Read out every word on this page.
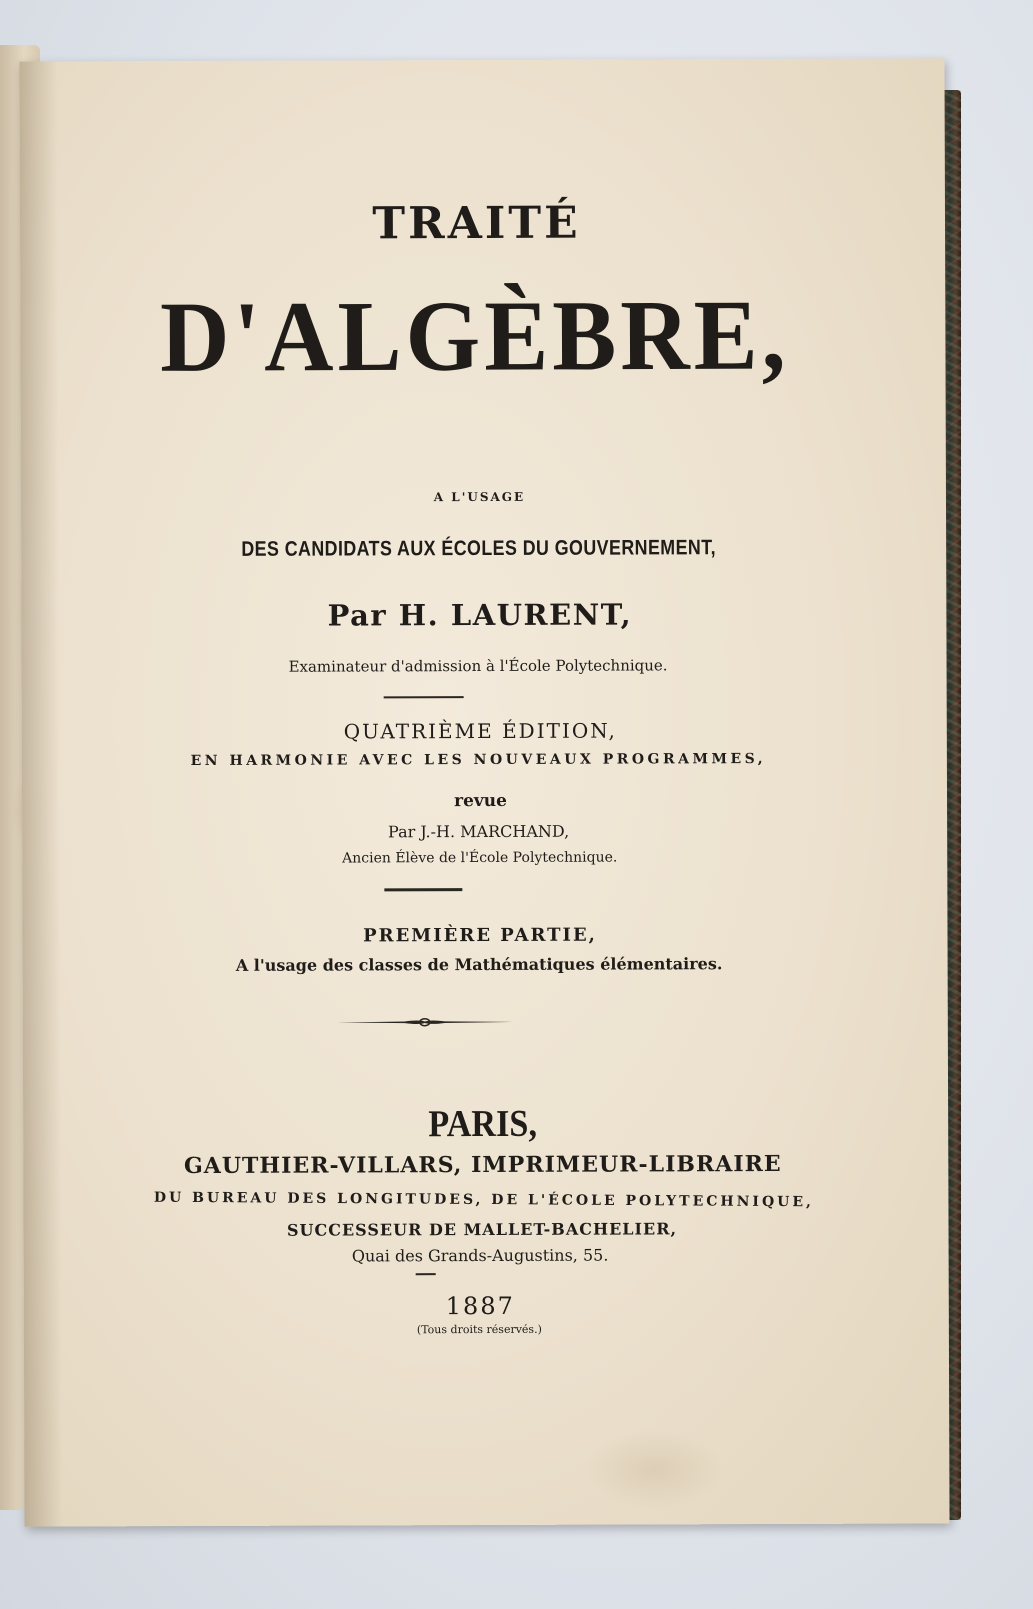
TRAITÉ
D'ALGÈBRE,
A L'USAGE
DES CANDIDATS AUX ÉCOLES DU GOUVERNEMENT,
Par H. LAURENT,
Examinateur d'admission à l'École Polytechnique.
QUATRIÈME ÉDITION,
EN HARMONIE AVEC LES NOUVEAUX PROGRAMMES,
revue
Par J.-H. MARCHAND,
Ancien Élève de l'École Polytechnique.
PREMIÈRE PARTIE,
A l'usage des classes de Mathématiques élémentaires.
PARIS,
GAUTHIER-VILLARS, IMPRIMEUR-LIBRAIRE
DU BUREAU DES LONGITUDES, DE L'ÉCOLE POLYTECHNIQUE,
SUCCESSEUR DE MALLET-BACHELIER,
Quai des Grands-Augustins, 55.
1887
(Tous droits réservés.)
